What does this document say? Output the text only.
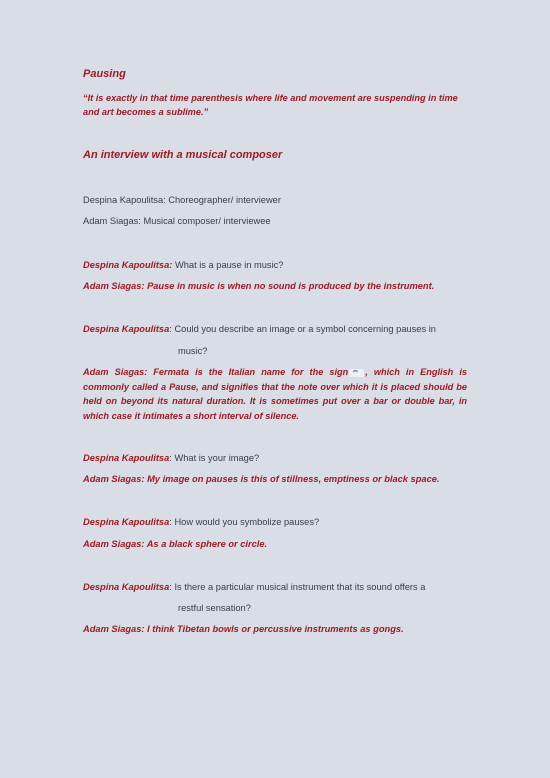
Pausing
“It is exactly in that time parenthesis where life and movement are suspending in time and art becomes a sublime.”
An interview with a musical composer
Despina Kapoulitsa: Choreographer/ interviewer
Adam Siagas: Musical composer/ interviewee
Despina Kapoulitsa: What is a pause in music?
Adam Siagas: Pause in music is when no sound is produced by the instrument.
Despina Kapoulitsa: Could you describe an image or a symbol concerning pauses in
music?
Adam Siagas: Fermata is the Italian name for the sign⌢ , which in English is commonly called a Pause, and signifies that the note over which it is placed should be held on beyond its natural duration. It is sometimes put over a bar or double bar, in which case it intimates a short interval of silence.
Despina Kapoulitsa: What is your image?
Adam Siagas: My image on pauses is this of stillness, emptiness or black space.
Despina Kapoulitsa: How would you symbolize pauses?
Adam Siagas: As a black sphere or circle.
Despina Kapoulitsa: Is there a particular musical instrument that its sound offers a
restful sensation?
Adam Siagas: I think Tibetan bowls or percussive instruments as gongs.
